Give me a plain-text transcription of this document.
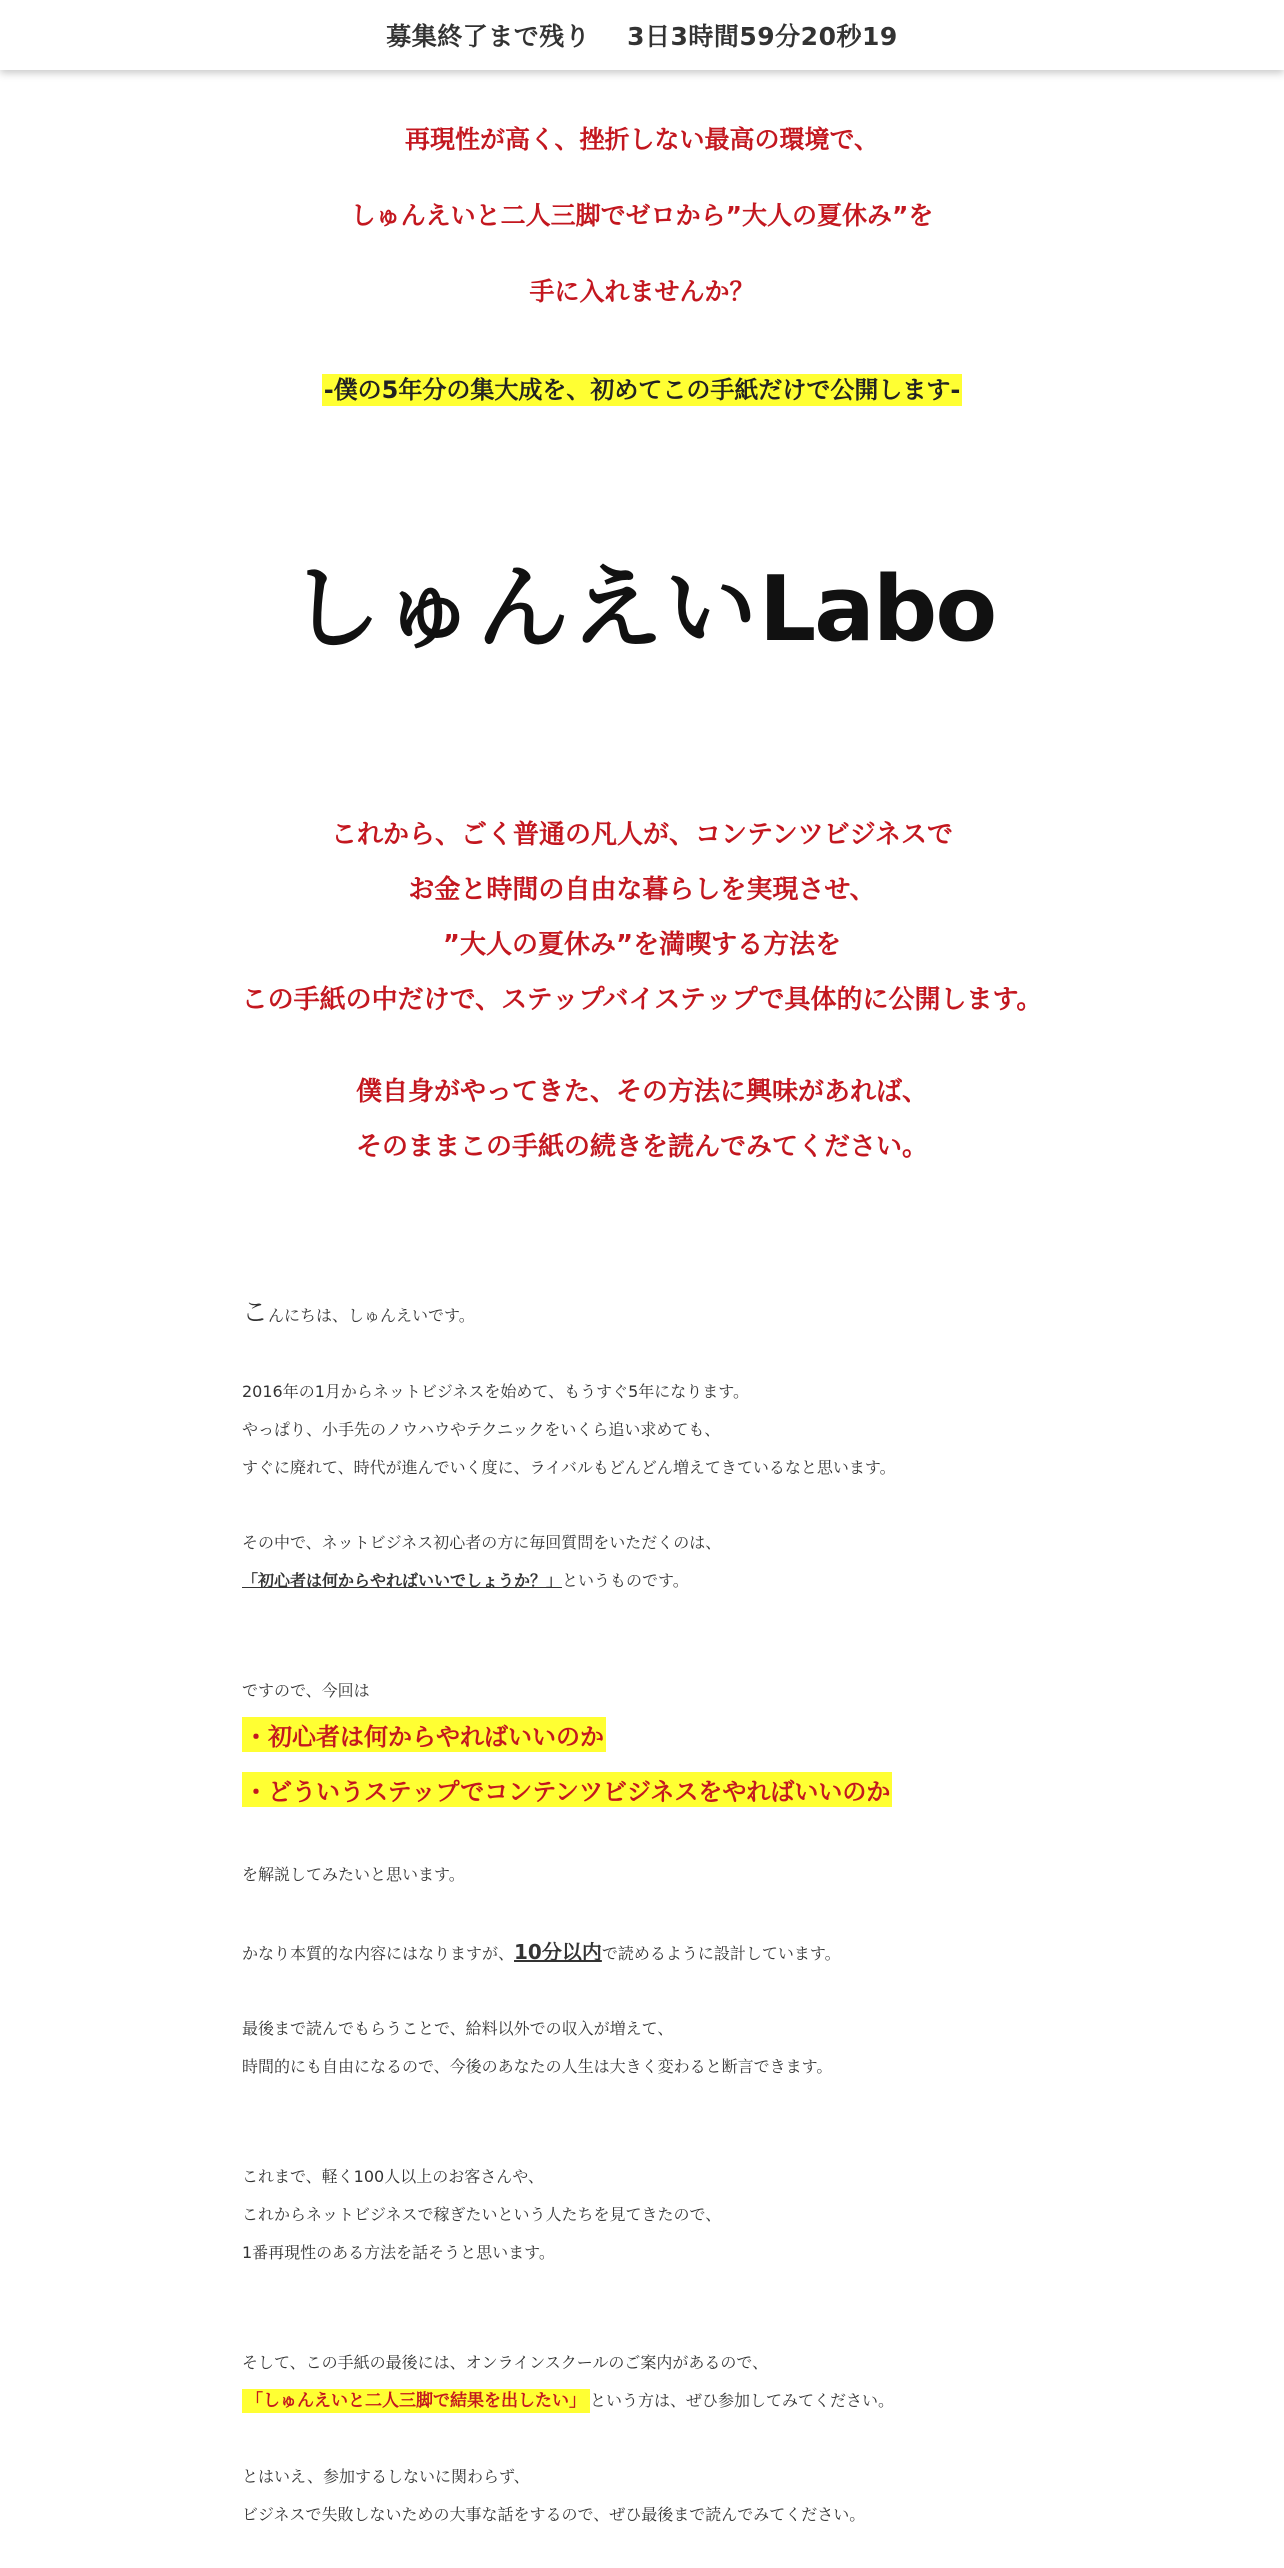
募集終了まで残り 3日3時間59分20秒19
再現性が高く、挫折しない最高の環境で、
しゅんえいと二人三脚でゼロから”大人の夏休み”を
手に入れませんか？
-僕の5年分の集大成を、初めてこの手紙だけで公開します-
しゅんえいLabo
これから、ごく普通の凡人が、コンテンツビジネスで
お金と時間の自由な暮らしを実現させ、
”大人の夏休み”を満喫する方法を
この手紙の中だけで、ステップバイステップで具体的に公開します。
僕自身がやってきた、その方法に興味があれば、
そのままこの手紙の続きを読んでみてください。
こんにちは、しゅんえいです。
2016年の1月からネットビジネスを始めて、もうすぐ5年になります。
やっぱり、小手先のノウハウやテクニックをいくら追い求めても、
すぐに廃れて、時代が進んでいく度に、ライバルもどんどん増えてきているなと思います。
その中で、ネットビジネス初心者の方に毎回質問をいただくのは、
「初心者は何からやればいいでしょうか？」というものです。
ですので、今回は
・初心者は何からやればいいのか
・どういうステップでコンテンツビジネスをやればいいのか
を解説してみたいと思います。
かなり本質的な内容にはなりますが、10分以内で読めるように設計しています。
最後まで読んでもらうことで、給料以外での収入が増えて、
時間的にも自由になるので、今後のあなたの人生は大きく変わると断言できます。
これまで、軽く100人以上のお客さんや、
これからネットビジネスで稼ぎたいという人たちを見てきたので、
1番再現性のある方法を話そうと思います。
そして、この手紙の最後には、オンラインスクールのご案内があるので、
「しゅんえいと二人三脚で結果を出したい」 という方は、ぜひ参加してみてください。
とはいえ、参加するしないに関わらず、
ビジネスで失敗しないための大事な話をするので、ぜひ最後まで読んでみてください。
